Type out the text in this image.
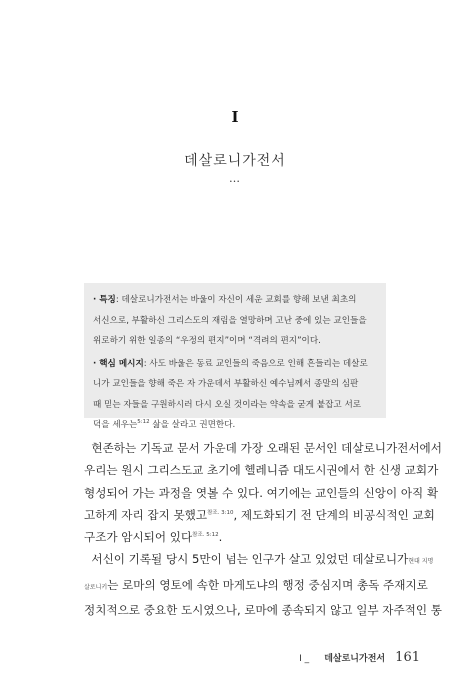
I
데살로니가전서
…
· 특징: 데살로니가전서는 바울이 자신이 세운 교회를 향해 보낸 최초의
서신으로, 부활하신 그리스도의 재림을 열망하며 고난 중에 있는 교인들을
위로하기 위한 일종의 “우정의 편지”이며 “격려의 편지”이다.
· 핵심 메시지: 사도 바울은 동료 교인들의 죽음으로 인해 흔들리는 데살로
니가 교인들을 향해 죽은 자 가운데서 부활하신 예수님께서 종말의 심판
때 믿는 자들을 구원하시러 다시 오실 것이라는 약속을 굳게 붙잡고 서로
덕을 세우는$^{5:12}$ 삶을 살라고 권면한다.
현존하는 기독교 문서 가운데 가장 오래된 문서인 데살로니가전서에서
우리는 원시 그리스도교 초기에 헬레니즘 대도시권에서 한 신생 교회가
형성되어 가는 과정을 엿볼 수 있다. 여기에는 교인들의 신앙이 아직 확
고하게 자리 잡지 못했고$^{참조. 3:10}$, 제도화되기 전 단계의 비공식적인 교회
구조가 암시되어 있다$^{참조. 5:12}$.
서신이 기록될 당시 5만이 넘는 인구가 살고 있었던 데살로니가현대 지명
살로니키는 로마의 영토에 속한 마게도냐의 행정 중심지며 총독 주재지로
정치적으로 중요한 도시였으나, 로마에 종속되지 않고 일부 자주적인 통
I _ 데살로니가전서 161
